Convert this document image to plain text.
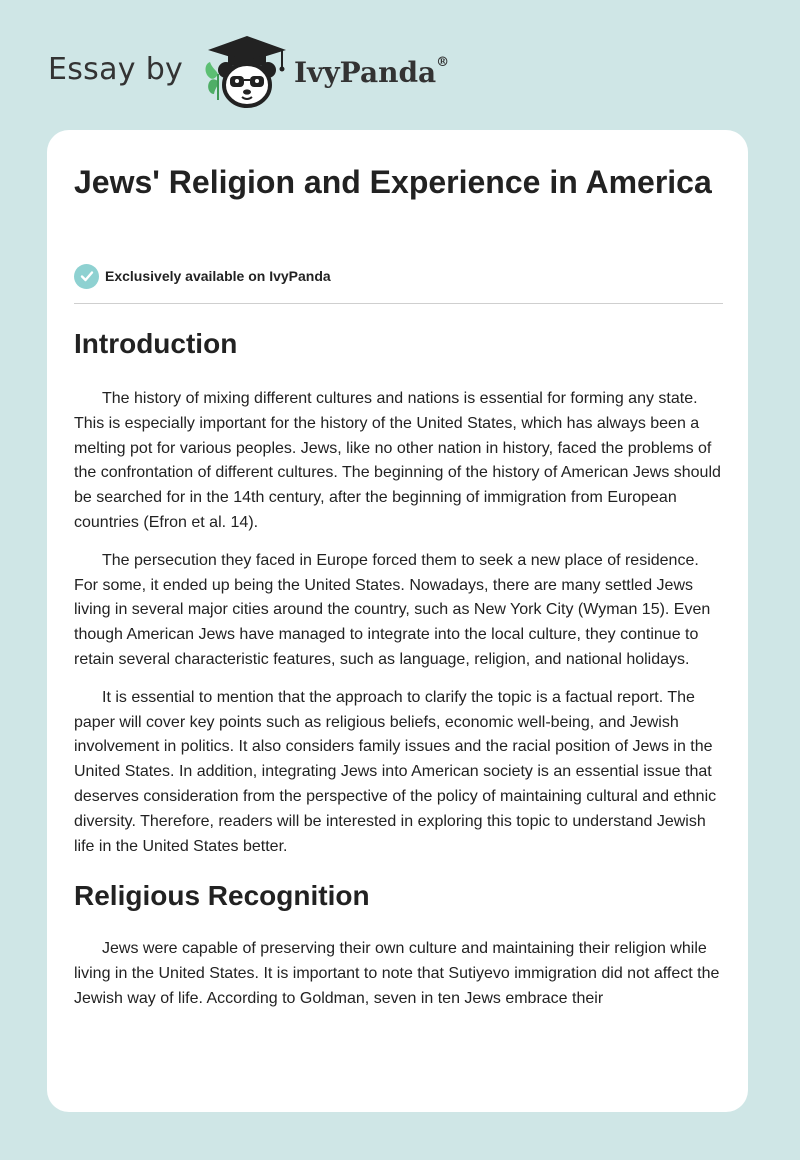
Essay by	IvyPanda®
Jews' Religion and Experience in America
Exclusively available on IvyPanda
Introduction

The history of mixing different cultures and nations is essential for forming any state. This is especially important for the history of the United States, which has always been a melting pot for various peoples. Jews, like no other nation in history, faced the problems of the confrontation of different cultures. The beginning of the history of American Jews should be searched for in the 14th century, after the beginning of immigration from European countries (Efron et al. 14).

The persecution they faced in Europe forced them to seek a new place of residence. For some, it ended up being the United States. Nowadays, there are many settled Jews living in several major cities around the country, such as New York City (Wyman 15). Even though American Jews have managed to integrate into the local culture, they continue to retain several characteristic features, such as language, religion, and national holidays.

It is essential to mention that the approach to clarify the topic is a factual report. The paper will cover key points such as religious beliefs, economic well-being, and Jewish involvement in politics. It also considers family issues and the racial position of Jews in the United States. In addition, integrating Jews into American society is an essential issue that deserves consideration from the perspective of the policy of maintaining cultural and ethnic diversity. Therefore, readers will be interested in exploring this topic to understand Jewish life in the United States better.

Religious Recognition

Jews were capable of preserving their own culture and maintaining their religion while living in the United States. It is important to note that Sutiyevo immigration did not affect the Jewish way of life. According to Goldman, seven in ten Jews embrace their
